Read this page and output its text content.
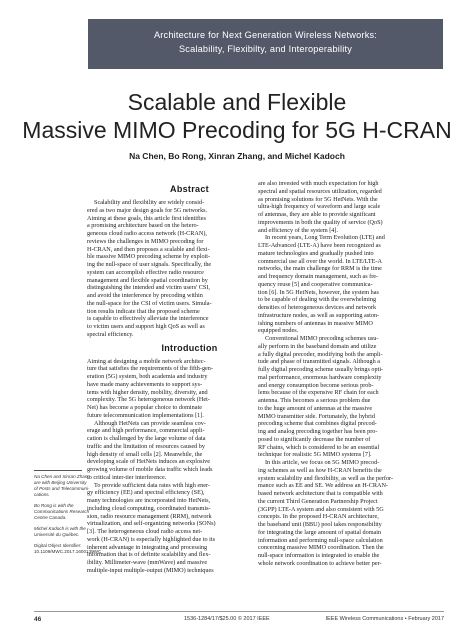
Architecture for Next Generation Wireless Networks:
Scalability, Flexibilty, and Interoperability
Scalable and Flexible
Massive MIMO Precoding for 5G H-CRAN
Na Chen, Bo Rong, Xinran Zhang, and Michel Kadoch
Abstract
Scalability and flexibility are widely consid-
ered as two major design goals for 5G networks.
Aiming at these goals, this article first identifies
a promising architecture based on the hetero-
geneous cloud radio access network (H-CRAN),
reviews the challenges in MIMO precoding for
H-CRAN, and then proposes a scalable and flexi-
ble massive MIMO precoding scheme by exploit-
ing the null-space of user signals. Specifically, the
system can accomplish effective radio resource
management and flexible spatial coordination by
distinguishing the intended and victim users' CSI,
and avoid the interference by precoding within
the null-space for the CSI of victim users. Simula-
tion results indicate that the proposed scheme
is capable to effectively alleviate the interference
to victim users and support high QoS as well as
spectral efficiency.
Introduction
Aiming at designing a mobile network architec-
ture that satisfies the requirements of the fifth-gen-
eration (5G) system, both academia and industry
have made many achievements to support sys-
tems with higher density, mobility, diversity, and
complexity. The 5G heterogeneous network (Het-
Net) has become a popular choice to dominate
future telecommunication implementations [1].
Although HetNets can provide seamless cov-
erage and high performance, commercial appli-
cation is challenged by the large volume of data
traffic and the limitation of resources caused by
high density of small cells [2]. Meanwhile, the
developing scale of HetNets induces an explosive
growing volume of mobile data traffic which leads
to critical inter-tier interference.
To provide sufficient data rates with high ener-
gy efficiency (EE) and spectral efficiency (SE),
many technologies are incorporated into HetNets,
including cloud computing, coordinated transmis-
sion, radio resource management (RRM), network
virtualization, and self-organizing networks (SONs)
[3]. The heterogeneous cloud radio access net-
work (H-CRAN) is especially highlighted due to its
inherent advantage in integrating and processing
information that is of definite scalability and flex-
ibility. Millimeter-wave (mmWave) and massive
multiple-input multiple-output (MIMO) techniques
are also invested with much expectation for high
spectral and spatial resources utilization, regarded
as promising solutions for 5G HetNets. With the
ultra-high frequency of waveform and large scale
of antennas, they are able to provide significant
improvements in both the quality of service (QoS)
and efficiency of the system [4].
In recent years, Long Term Evolution (LTE) and
LTE-Advanced (LTE-A) have been recognized as
mature technologies and gradually pushed into
commercial use all over the world. In LTE/LTE-A
networks, the main challenge for RRM is the time
and frequency domain management, such as fre-
quency reuse [5] and cooperative communica-
tion [6]. In 5G HetNets, however, the system has
to be capable of dealing with the overwhelming
densities of heterogeneous devices and network
infrastructure nodes, as well as supporting aston-
ishing numbers of antennas in massive MIMO
equipped nodes.
Conventional MIMO precoding schemes usu-
ally perform in the baseband domain and utilize
a fully digital precoder, modifying both the ampli-
tude and phase of transmitted signals. Although a
fully digital precoding scheme usually brings opti-
mal performance, enormous hardware complexity
and energy consumption become serious prob-
lems because of the expensive RF chain for each
antenna. This becomes a serious problem due
to the huge amount of antennas at the massive
MIMO transmitter side. Fortunately, the hybrid
precoding scheme that combines digital precod-
ing and analog precoding together has been pro-
posed to significantly decrease the number of
RF chains, which is considered to be an essential
technique for realistic 5G MIMO systems [7].
In this article, we focus on 5G MIMO precod-
ing schemes as well as how H-CRAN benefits the
system scalability and flexibility, as well as the perfor-
mance such as EE and SE. We address an H-CRAN-
based network architecture that is compatible with
the current Third Generation Partnership Project
(3GPP) LTE-A system and also consistent with 5G
concepts. In the proposed H-CRAN architecture,
the baseband unit (BBU) pool takes responsibility
for integrating the large amount of spatial domain
information and performing null-space calculation
concerning massive MIMO coordination. Then the
null-space information is integrated to enable the
whole network coordination to achieve better per-
Na Chen and Xinran Zhang
are with Beijing University
of Posts and Telecommuni-
cations.
Bo Rong is with the
Communications Research
Centre Canada.
Michel Kadoch is with the
Université du Québec.
Digital Object Identifier:
10.1109/MWC.2017.1600139WC
46	1536-1284/17/$25.00 © 2017 IEEE	IEEE Wireless Communications • February 2017
